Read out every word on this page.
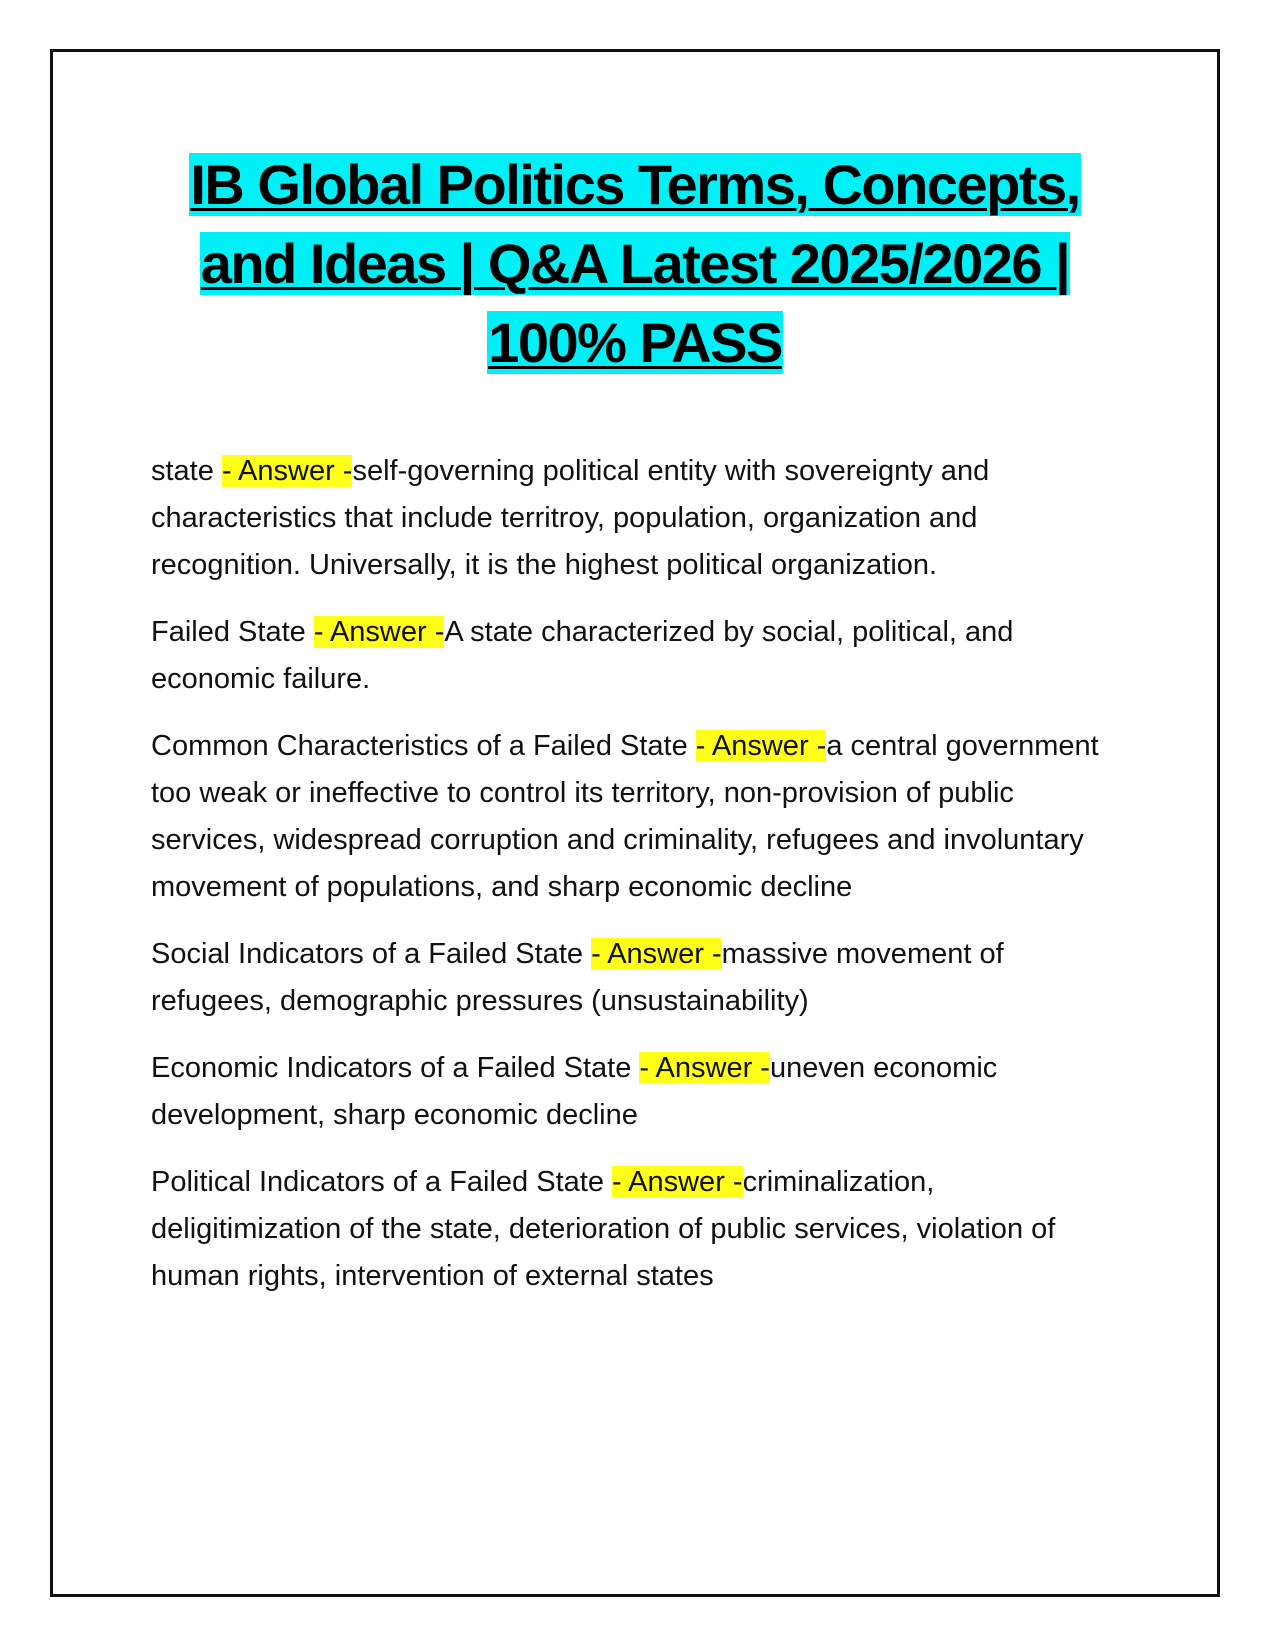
IB Global Politics Terms, Concepts,
and Ideas | Q&A Latest 2025/2026 |
100% PASS

state - Answer -self-governing political entity with sovereignty and characteristics that include territroy, population, organization and recognition. Universally, it is the highest political organization.

Failed State - Answer -A state characterized by social, political, and economic failure.

Common Characteristics of a Failed State - Answer -a central government too weak or ineffective to control its territory, non-provision of public services, widespread corruption and criminality, refugees and involuntary movement of populations, and sharp economic decline

Social Indicators of a Failed State - Answer -massive movement of refugees, demographic pressures (unsustainability)

Economic Indicators of a Failed State - Answer -uneven economic development, sharp economic decline

Political Indicators of a Failed State - Answer -criminalization, deligitimization of the state, deterioration of public services, violation of human rights, intervention of external states
